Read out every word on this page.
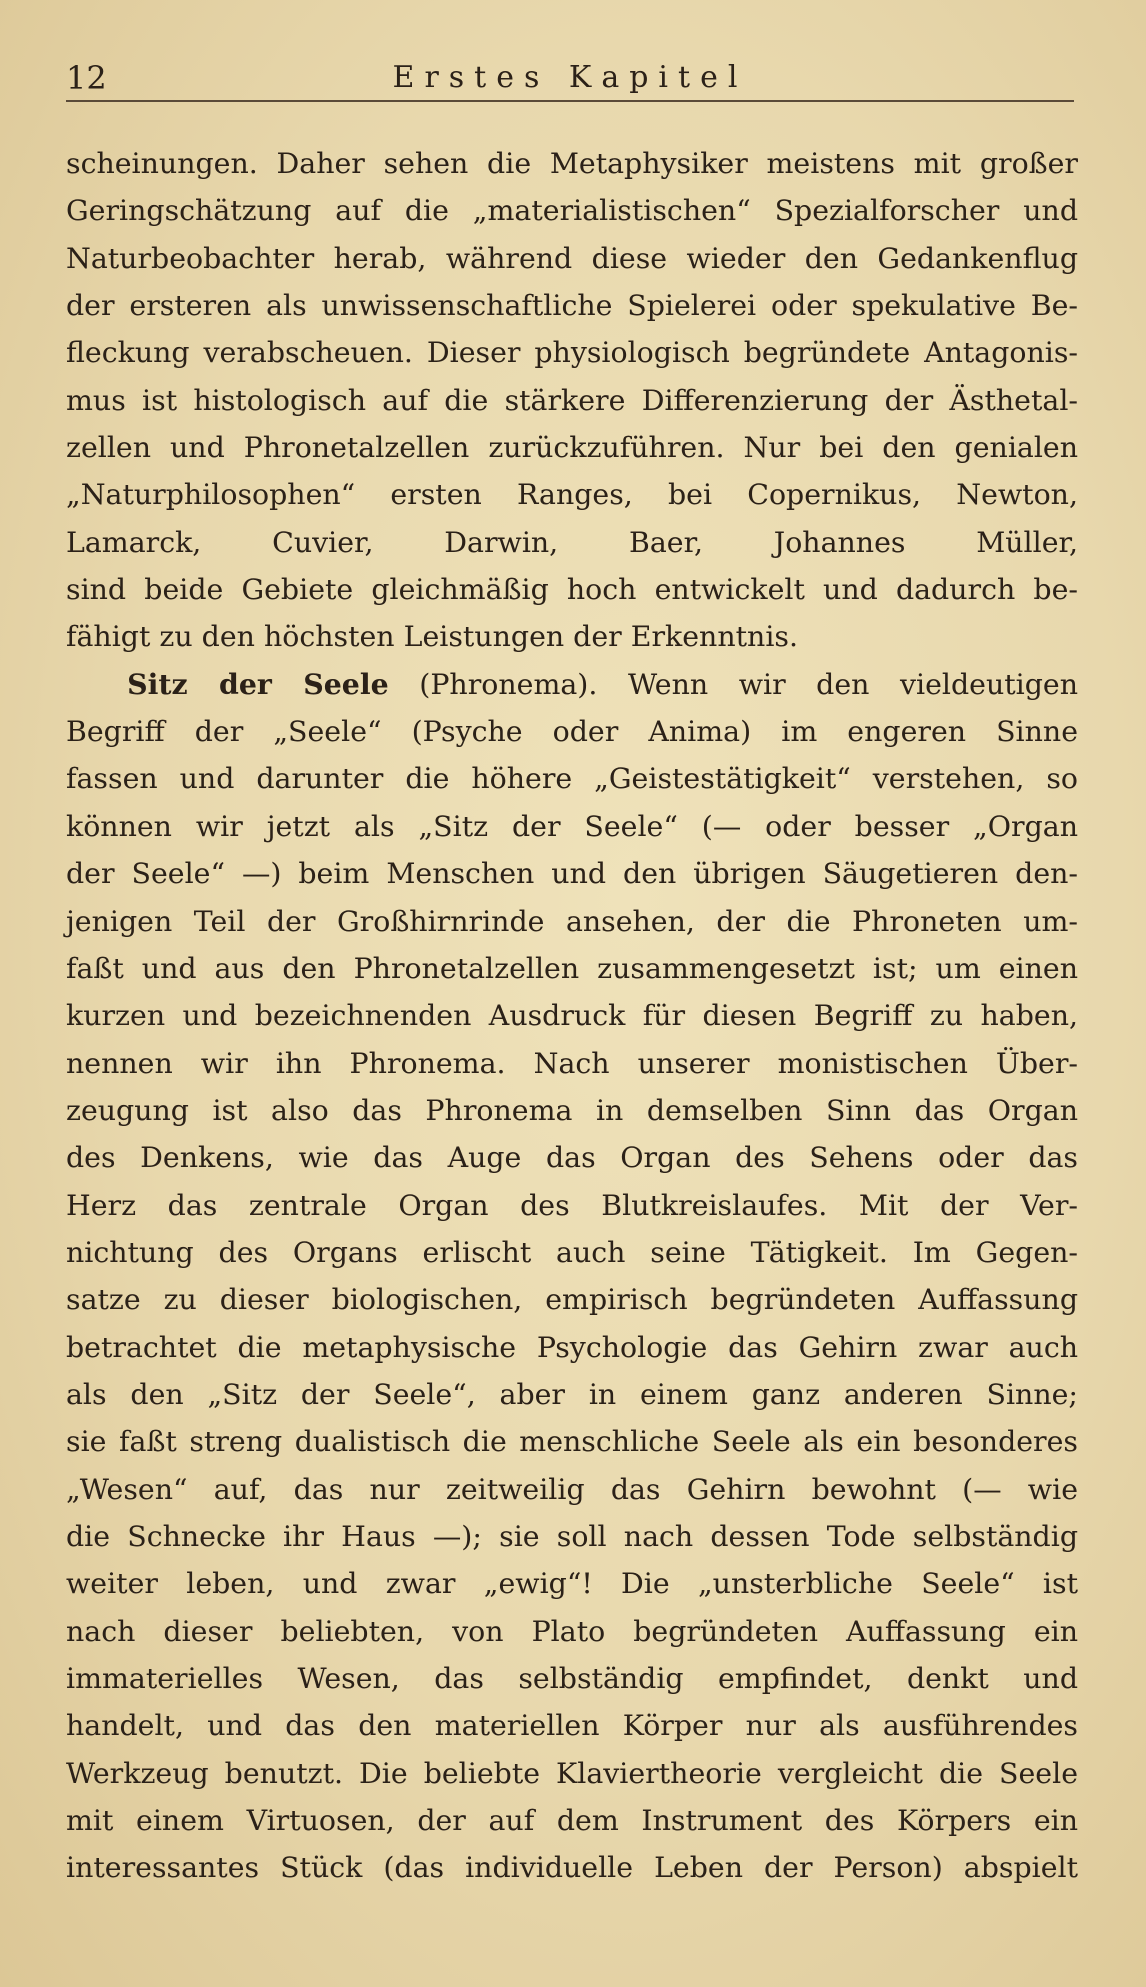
12	Erstes Kapitel

scheinungen. Daher sehen die Metaphysiker meistens mit großer

Geringschätzung auf die „materialistischen“ Spezialforscher und

Naturbeobachter herab, während diese wieder den Gedankenflug

der ersteren als unwissenschaftliche Spielerei oder spekulative Be-

fleckung verabscheuen. Dieser physiologisch begründete Antagonis-

mus ist histologisch auf die stärkere Differenzierung der Ästhetal-

zellen und Phronetalzellen zurückzuführen. Nur bei den genialen

„Naturphilosophen“ ersten Ranges, bei Copernikus, Newton,

Lamarck, Cuvier, Darwin, Baer, Johannes Müller,

sind beide Gebiete gleichmäßig hoch entwickelt und dadurch be-

fähigt zu den höchsten Leistungen der Erkenntnis.

Sitz der Seele (Phronema). Wenn wir den vieldeutigen

Begriff der „Seele“ (Psyche oder Anima) im engeren Sinne

fassen und darunter die höhere „Geistestätigkeit“ verstehen, so

können wir jetzt als „Sitz der Seele“ (— oder besser „Organ

der Seele“ —) beim Menschen und den übrigen Säugetieren den-

jenigen Teil der Großhirnrinde ansehen, der die Phroneten um-

faßt und aus den Phronetalzellen zusammengesetzt ist; um einen

kurzen und bezeichnenden Ausdruck für diesen Begriff zu haben,

nennen wir ihn Phronema. Nach unserer monistischen Über-

zeugung ist also das Phronema in demselben Sinn das Organ

des Denkens, wie das Auge das Organ des Sehens oder das

Herz das zentrale Organ des Blutkreislaufes. Mit der Ver-

nichtung des Organs erlischt auch seine Tätigkeit. Im Gegen-

satze zu dieser biologischen, empirisch begründeten Auffassung

betrachtet die metaphysische Psychologie das Gehirn zwar auch

als den „Sitz der Seele“, aber in einem ganz anderen Sinne;

sie faßt streng dualistisch die menschliche Seele als ein besonderes

„Wesen“ auf, das nur zeitweilig das Gehirn bewohnt (— wie

die Schnecke ihr Haus —); sie soll nach dessen Tode selbständig

weiter leben, und zwar „ewig“! Die „unsterbliche Seele“ ist

nach dieser beliebten, von Plato begründeten Auffassung ein

immaterielles Wesen, das selbständig empfindet, denkt und

handelt, und das den materiellen Körper nur als ausführendes

Werkzeug benutzt. Die beliebte Klaviertheorie vergleicht die Seele

mit einem Virtuosen, der auf dem Instrument des Körpers ein

interessantes Stück (das individuelle Leben der Person) abspielt
